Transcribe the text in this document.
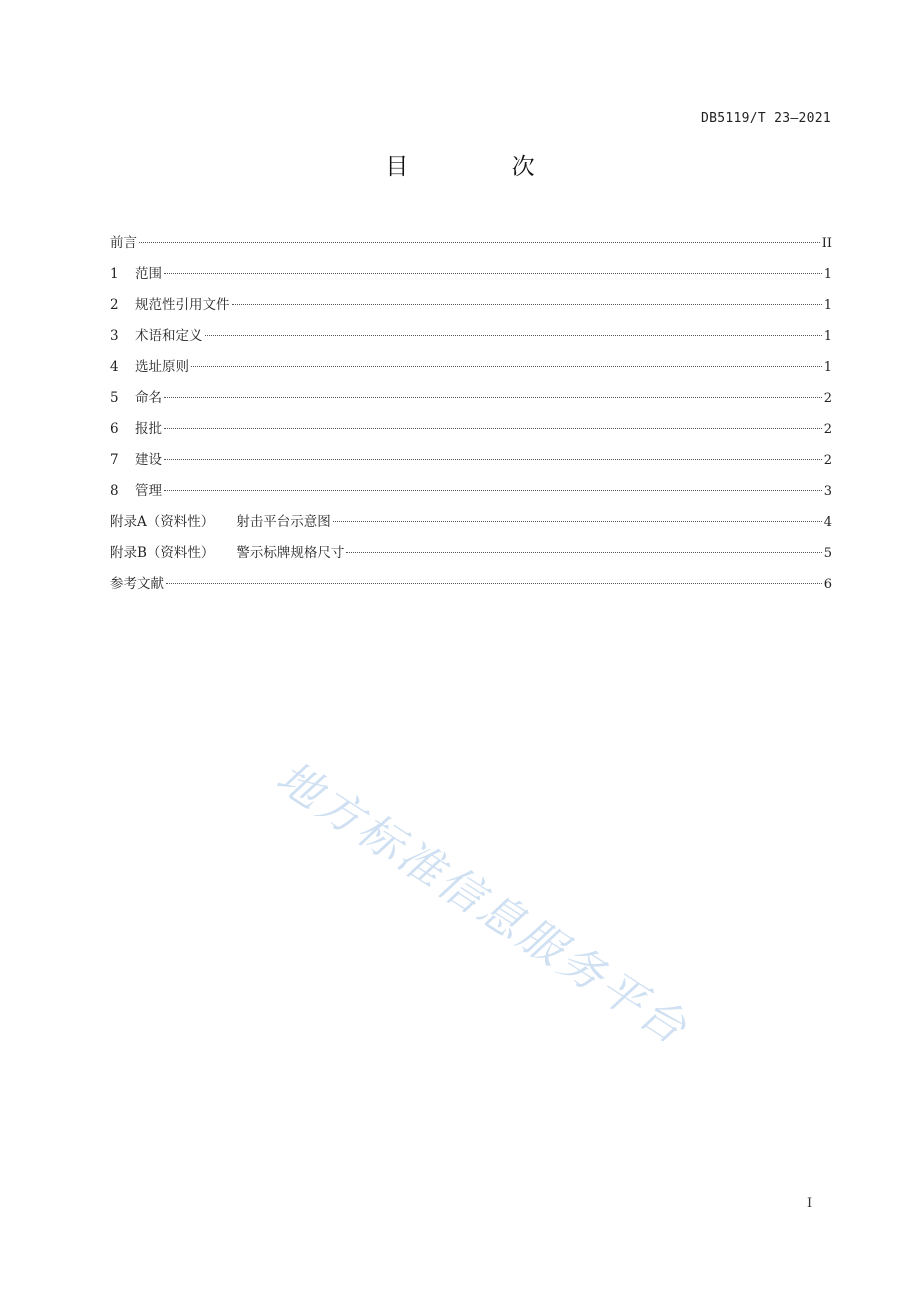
DB5119/T 23—2021
目 次
前言	II
1	范围	1
2	规范性引用文件	1
3	术语和定义	1
4	选址原则	1
5	命名	2
6	报批	2
7	建设	2
8	管理	3
附录A（资料性） 射击平台示意图	4
附录B（资料性） 警示标牌规格尺寸	5
参考文献	6
地方标准信息服务平台
I
